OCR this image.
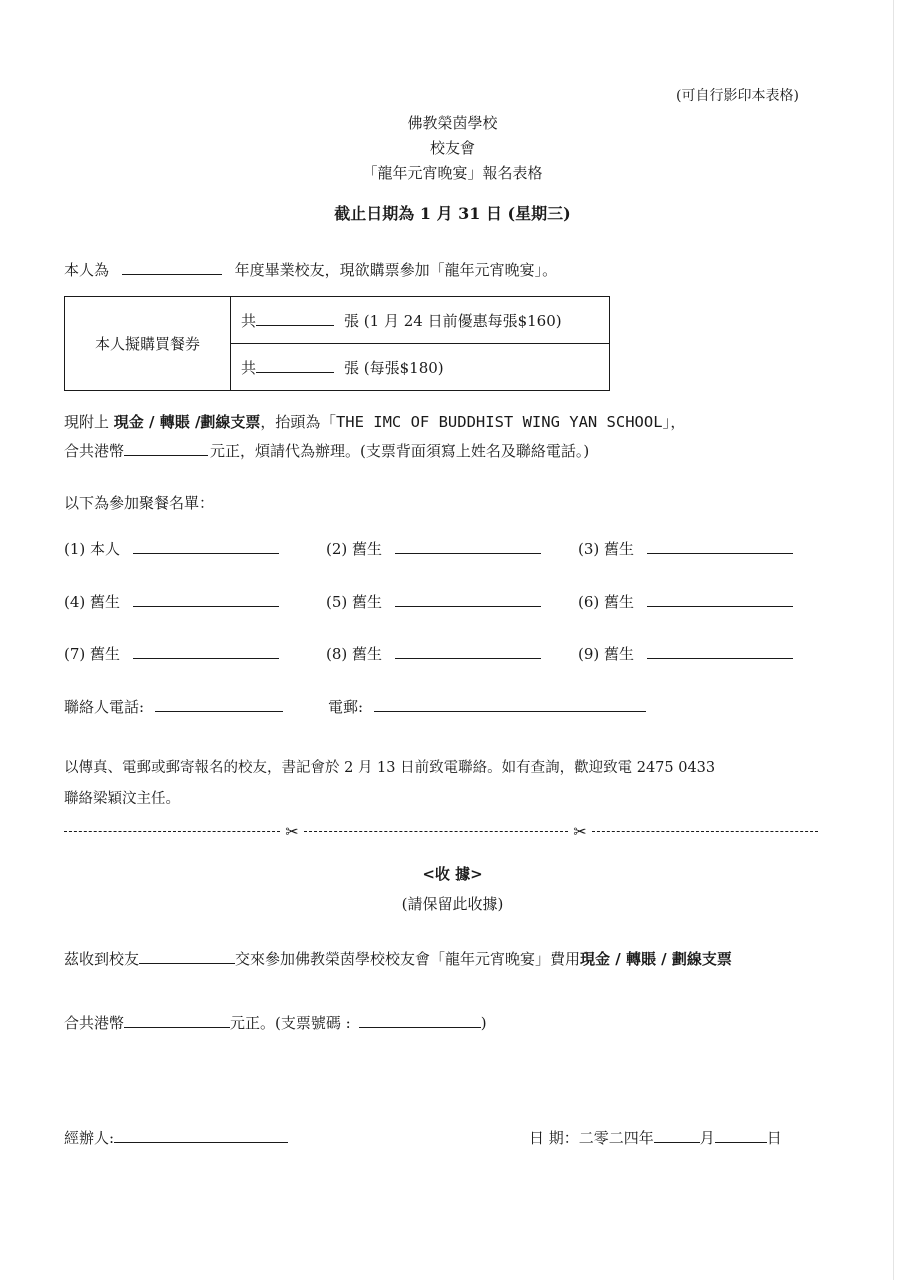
(可自行影印本表格)
佛教榮茵學校
校友會
「龍年元宵晚宴」報名表格
截止日期為 1 月 31 日 (星期三)
本人為	年度畢業校友，現欲購票參加「龍年元宵晚宴」。
本人擬購買餐券	共	張 (1 月 24 日前優惠每張$160)
共	張 (每張$180)
現附上 現金 / 轉賬 /劃線支票，抬頭為「THE IMC OF BUDDHIST WING YAN SCHOOL」，
合共港幣	元正，煩請代為辦理。(支票背面須寫上姓名及聯絡電話。)
以下為參加聚餐名單：
(1) 本人	(2) 舊生	(3) 舊生
(4) 舊生	(5) 舊生	(6) 舊生
(7) 舊生	(8) 舊生	(9) 舊生
聯絡人電話:	電郵:
以傳真、電郵或郵寄報名的校友，書記會於 2 月 13 日前致電聯絡。如有查詢，歡迎致電 2475 0433
聯絡梁穎汶主任。
✂	✂
<收 據>
(請保留此收據)
茲收到校友	交來參加佛教榮茵學校校友會「龍年元宵晚宴」費用現金 / 轉賬 / 劃線支票
合共港幣	元正。(支票號碼 :	)
經辦人:	日 期：二零二四年	月	日
